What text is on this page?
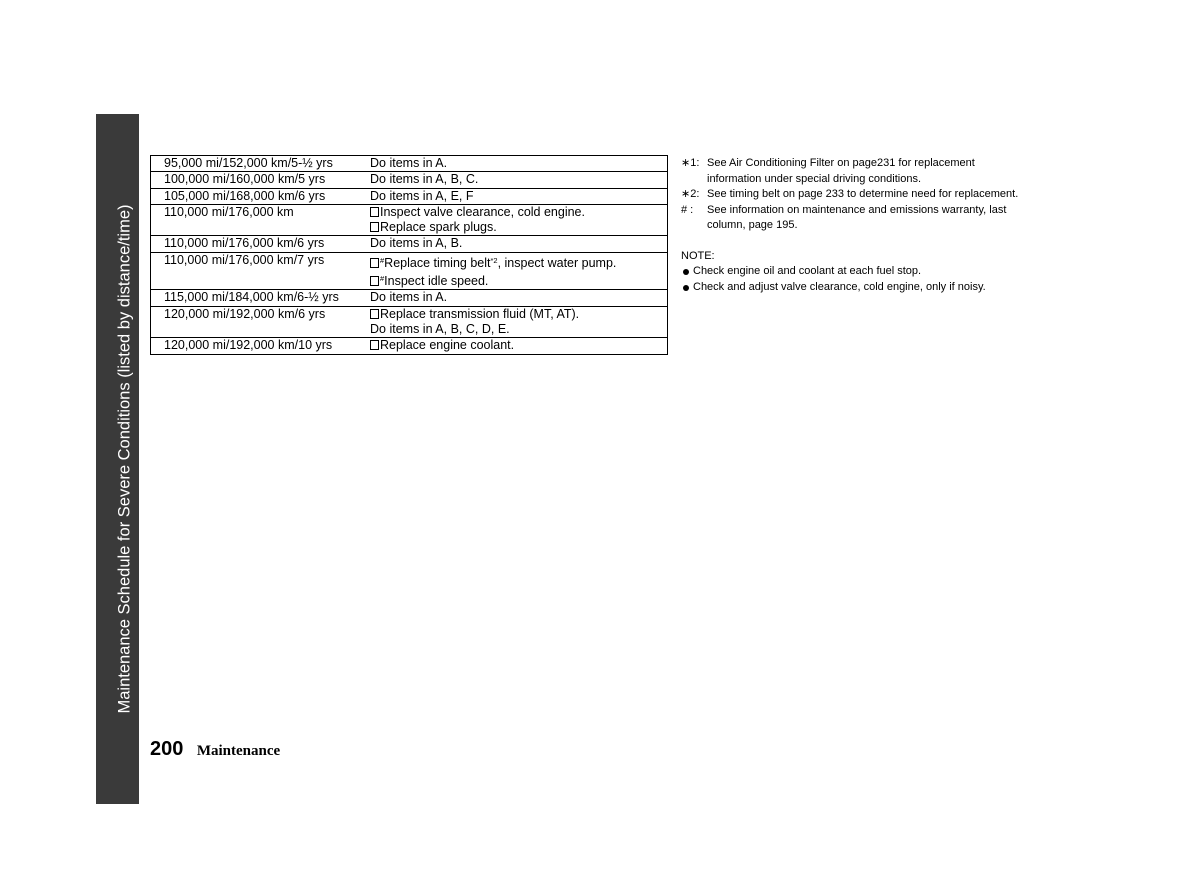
Maintenance Schedule for Severe Conditions (listed by distance/time)
95,000 mi/152,000 km/5-½ yrs	Do items in A.

100,000 mi/160,000 km/5 yrs	Do items in A, B, C.

105,000 mi/168,000 km/6 yrs	Do items in A, E, F

110,000 mi/176,000 km	Inspect valve clearance, cold engine.
Replace spark plugs.

110,000 mi/176,000 km/6 yrs	Do items in A, B.

110,000 mi/176,000 km/7 yrs	#Replace timing belt$^{*2}$, inspect water pump.
#Inspect idle speed.

115,000 mi/184,000 km/6-½ yrs	Do items in A.

120,000 mi/192,000 km/6 yrs	Replace transmission fluid (MT, AT).
Do items in A, B, C, D, E.

120,000 mi/192,000 km/10 yrs	Replace engine coolant.
∗1: See Air Conditioning Filter on page231 for replacement
information under special driving conditions.
∗2: See timing belt on page 233 to determine need for replacement.
# : See information on maintenance and emissions warranty, last
column, page 195.
NOTE:
Check engine oil and coolant at each fuel stop.
Check and adjust valve clearance, cold engine, only if noisy.
200 Maintenance
